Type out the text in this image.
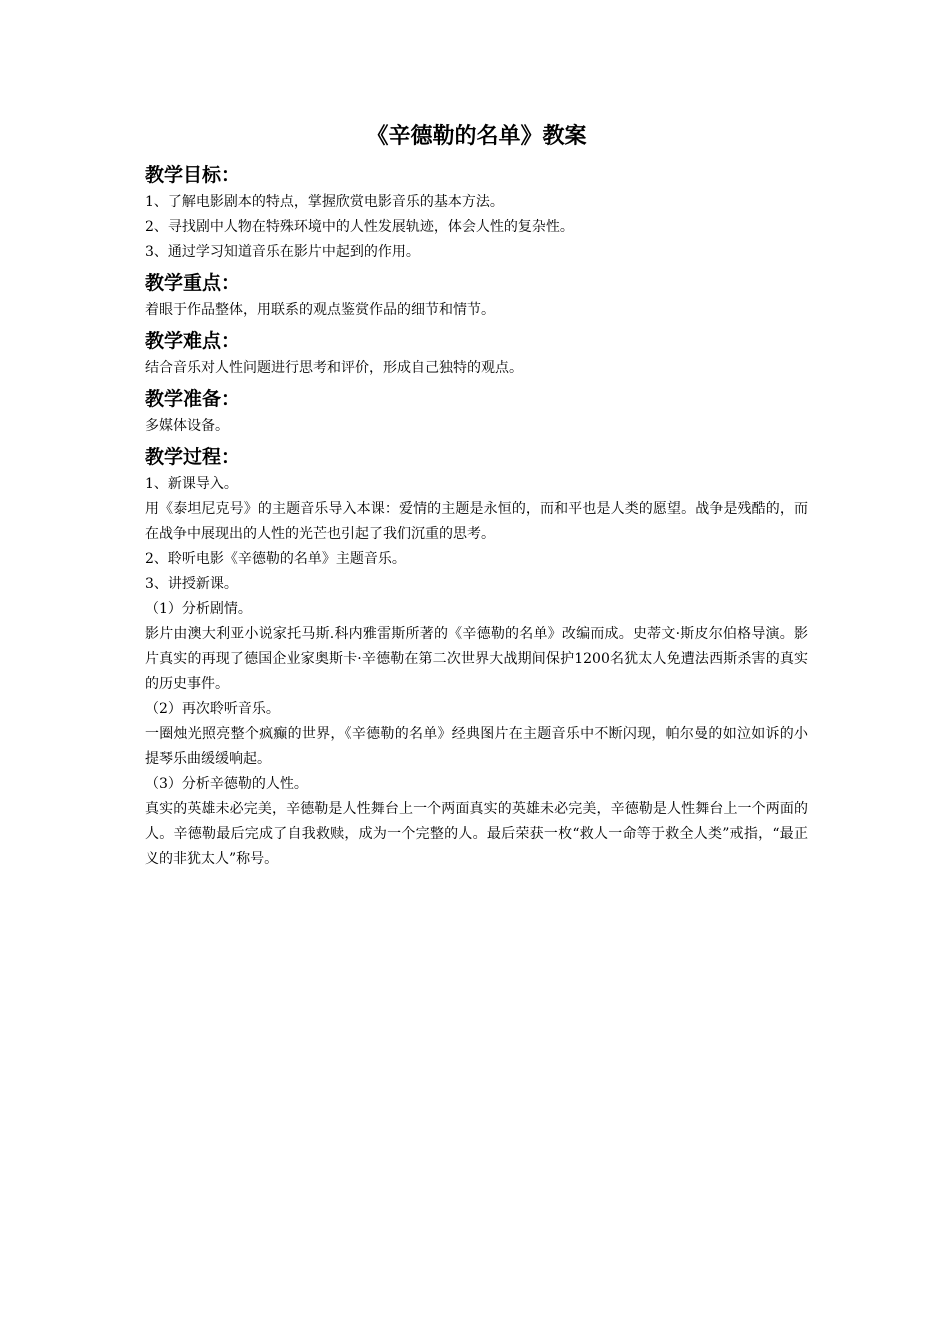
《辛德勒的名单》教案
教学目标：

1、了解电影剧本的特点，掌握欣赏电影音乐的基本方法。

2、寻找剧中人物在特殊环境中的人性发展轨迹，体会人性的复杂性。

3、通过学习知道音乐在影片中起到的作用。

教学重点：

着眼于作品整体，用联系的观点鉴赏作品的细节和情节。

教学难点：

结合音乐对人性问题进行思考和评价，形成自己独特的观点。

教学准备：

多媒体设备。

教学过程：

1、新课导入。

用《泰坦尼克号》的主题音乐导入本课：爱情的主题是永恒的，而和平也是人类的愿望。战争是残酷的，而在战争中展现出的人性的光芒也引起了我们沉重的思考。

2、聆听电影《辛德勒的名单》主题音乐。

3、讲授新课。

（1）分析剧情。

影片由澳大利亚小说家托马斯.科内雅雷斯所著的《辛德勒的名单》改编而成。史蒂文·斯皮尔伯格导演。影片真实的再现了德国企业家奥斯卡·辛德勒在第二次世界大战期间保护1200名犹太人免遭法西斯杀害的真实的历史事件。

（2）再次聆听音乐。

一圈烛光照亮整个疯癫的世界，《辛德勒的名单》经典图片在主题音乐中不断闪现，帕尔曼的如泣如诉的小提琴乐曲缓缓响起。

（3）分析辛德勒的人性。

真实的英雄未必完美，辛德勒是人性舞台上一个两面真实的英雄未必完美，辛德勒是人性舞台上一个两面的人。辛德勒最后完成了自我救赎，成为一个完整的人。最后荣获一枚“救人一命等于救全人类”戒指，“最正义的非犹太人”称号。
